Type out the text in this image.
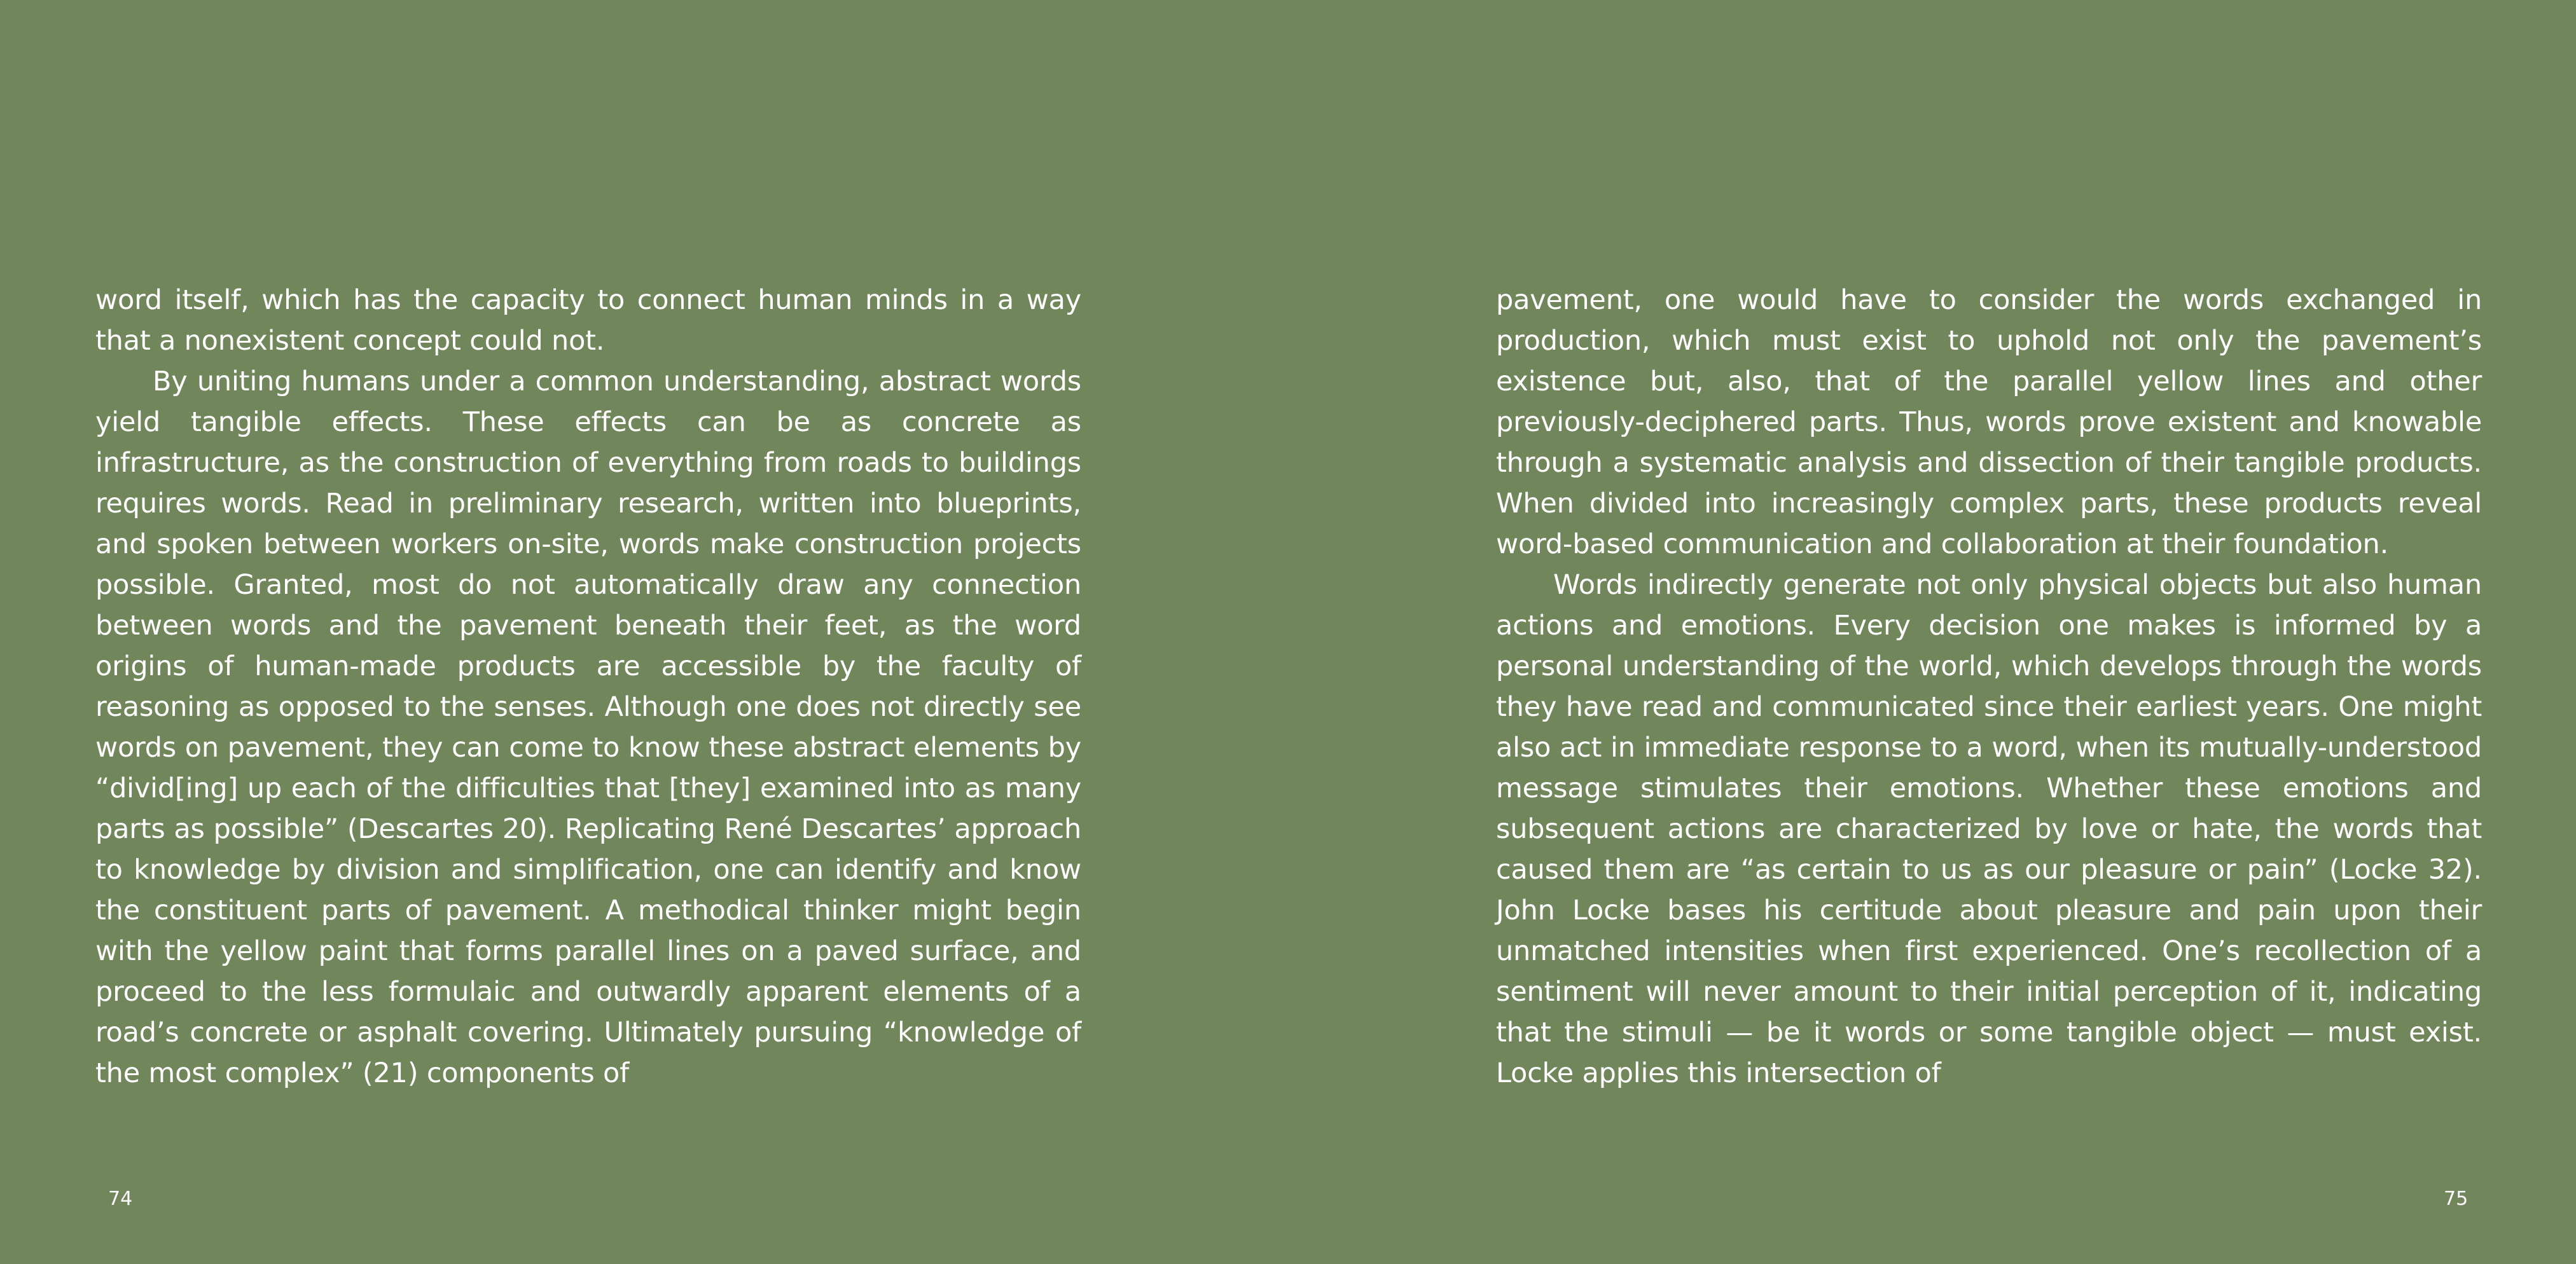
word itself, which has the capacity to connect human minds in a way that a nonexistent concept could not.

By uniting humans under a common understanding, abstract words yield tangible effects. These effects can be as concrete as infrastructure, as the construction of everything from roads to buildings requires words. Read in preliminary research, written into blueprints, and spoken between workers on-site, words make construction projects possible. Granted, most do not automatically draw any connection between words and the pavement beneath their feet, as the word origins of human-made products are accessible by the faculty of reasoning as opposed to the senses. Although one does not directly see words on pavement, they can come to know these abstract elements by “divid[ing] up each of the difficulties that [they] examined into as many parts as possible” (Descartes 20). Replicating René Descartes’ approach to knowledge by division and simplification, one can identify and know the constituent parts of pavement. A methodical thinker might begin with the yellow paint that forms parallel lines on a paved surface, and proceed to the less formulaic and outwardly apparent elements of a road’s concrete or asphalt covering. Ultimately pursuing “knowledge of the most complex” (21) components of

pavement, one would have to consider the words exchanged in production, which must exist to uphold not only the pavement’s existence but, also, that of the parallel yellow lines and other previously-deciphered parts. Thus, words prove existent and knowable through a systematic analysis and dissection of their tangible products. When divided into increasingly complex parts, these products reveal word-based communication and collaboration at their foundation.

Words indirectly generate not only physical objects but also human actions and emotions. Every decision one makes is informed by a personal understanding of the world, which develops through the words they have read and communicated since their earliest years. One might also act in immediate response to a word, when its mutually-understood message stimulates their emotions. Whether these emotions and subsequent actions are characterized by love or hate, the words that caused them are “as certain to us as our pleasure or pain” (Locke 32). John Locke bases his certitude about pleasure and pain upon their unmatched intensities when first experienced. One’s recollection of a sentiment will never amount to their initial perception of it, indicating that the stimuli — be it words or some tangible object — must exist. Locke applies this intersection of

74	75
